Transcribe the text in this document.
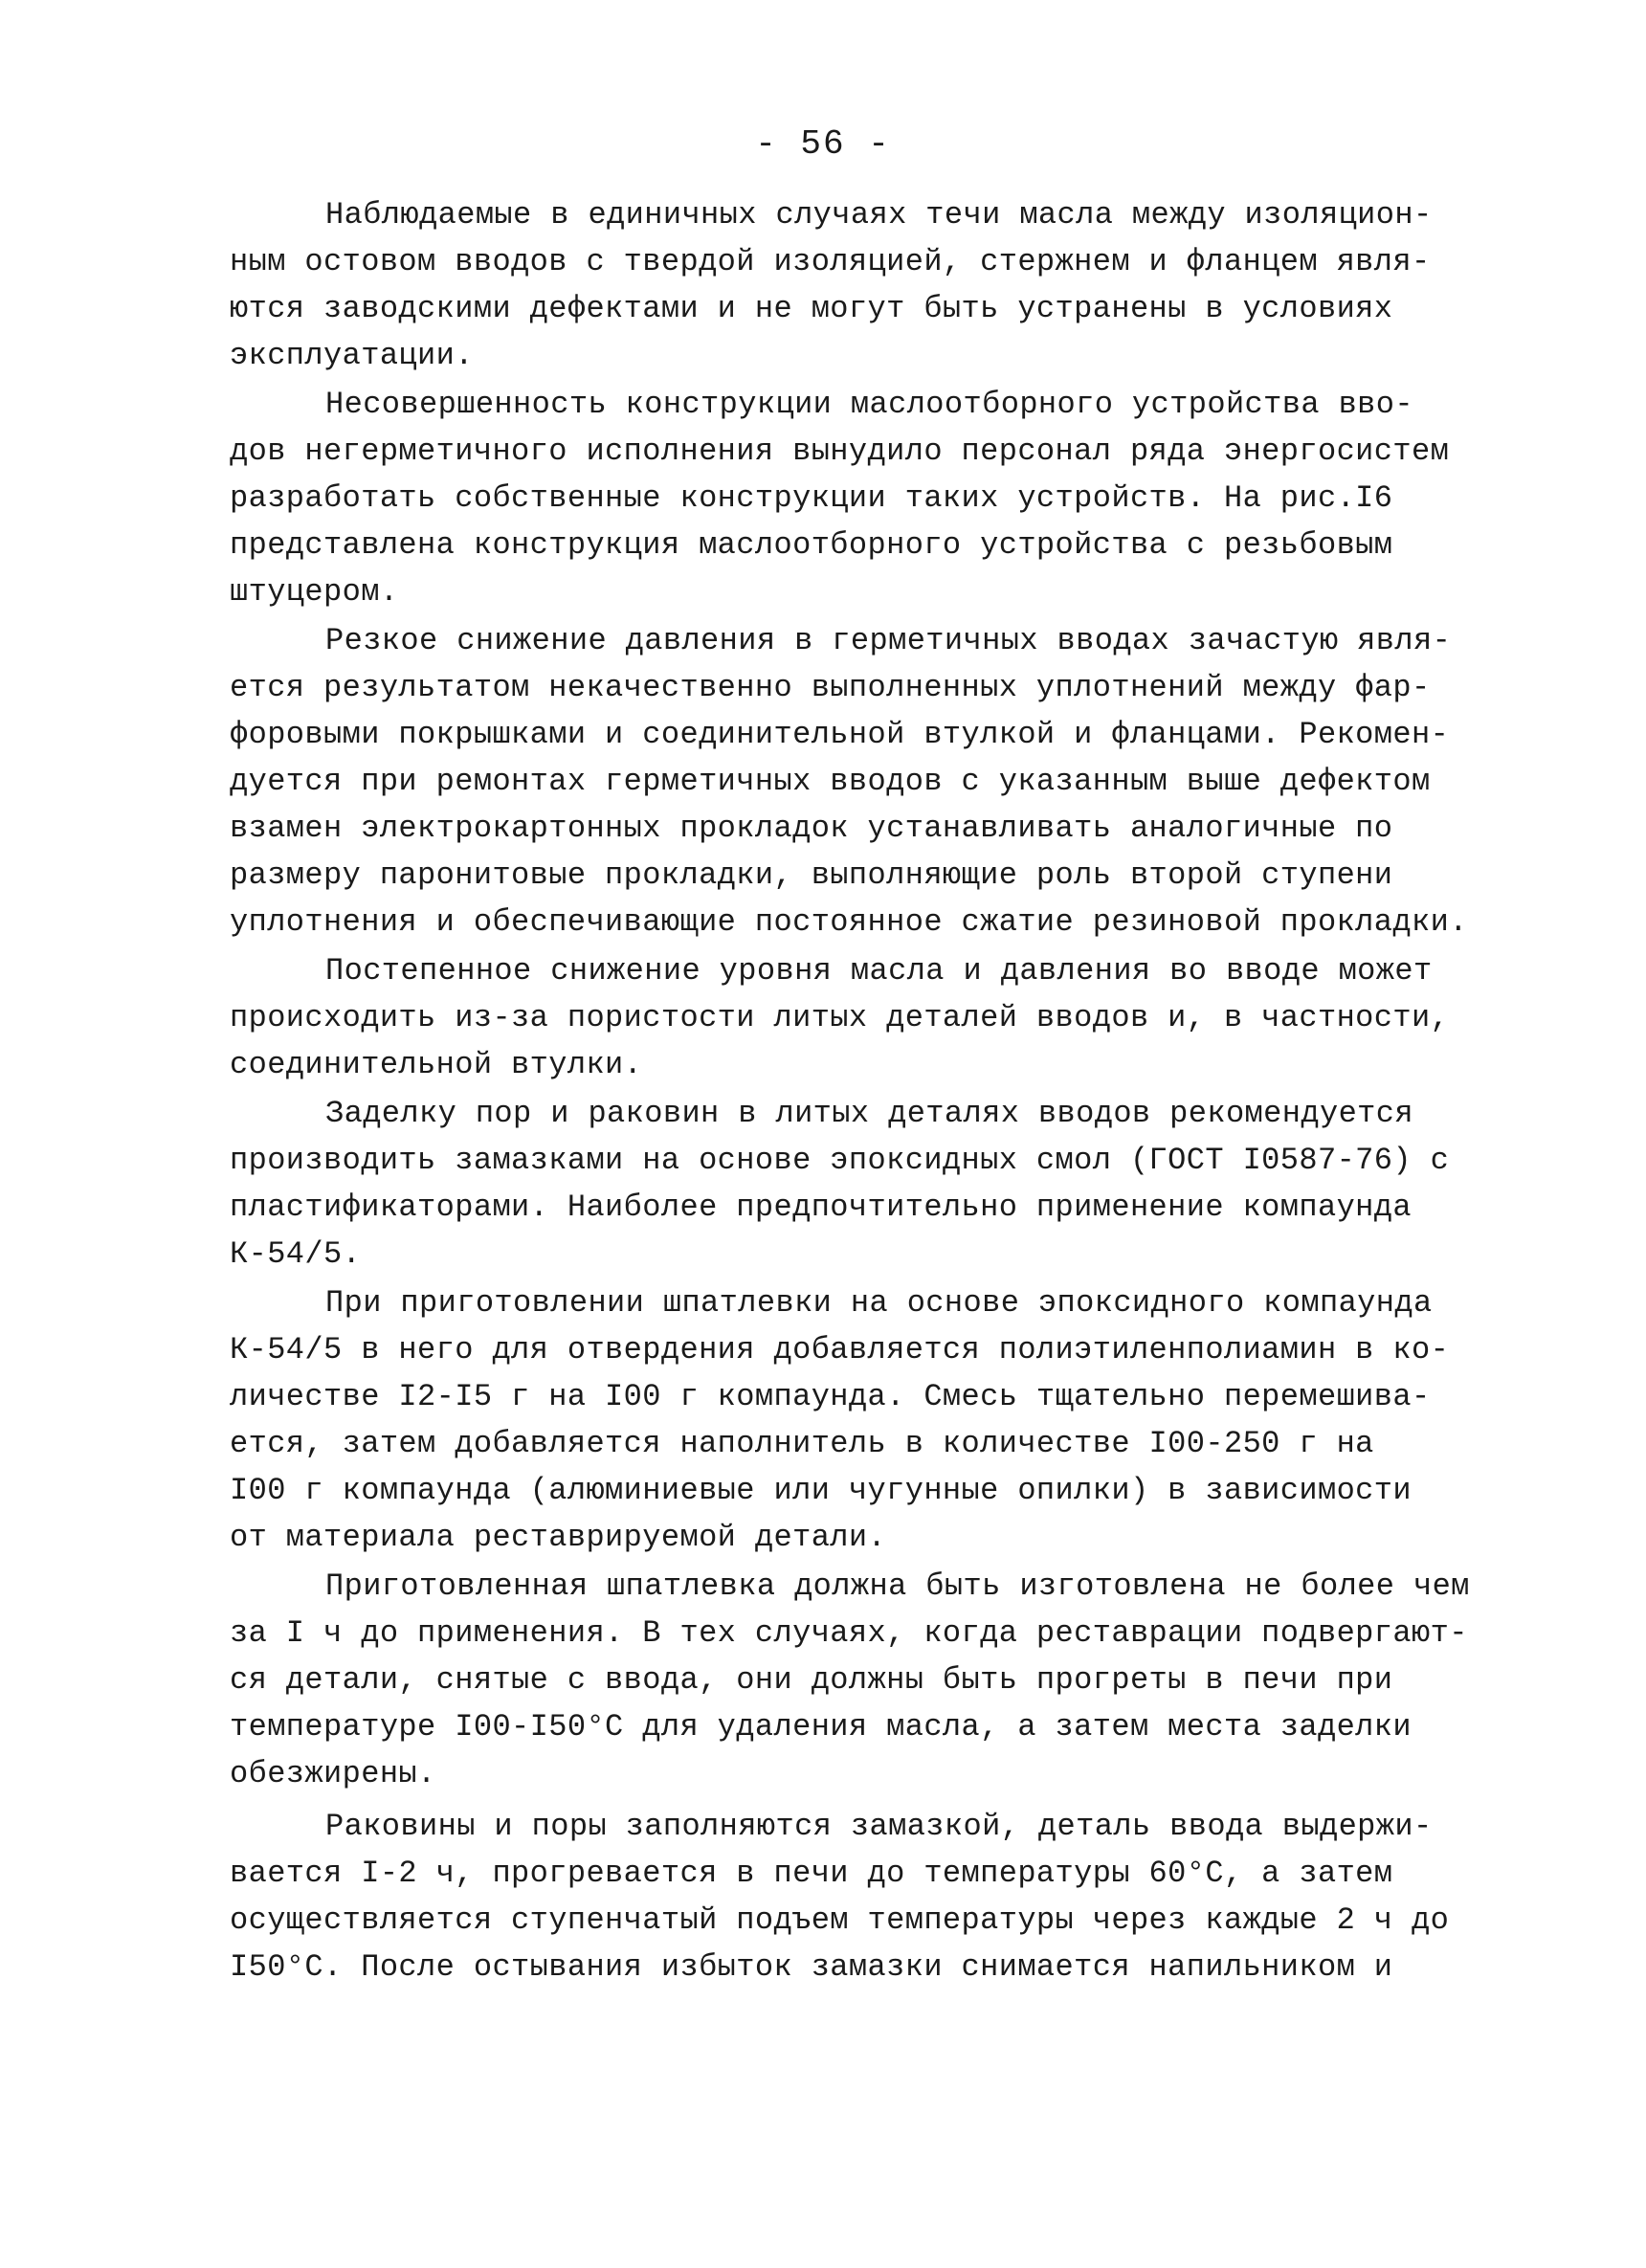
- 56 -
Наблюдаемые в единичных случаях течи масла между изоляцион-
ным остовом вводов с твердой изоляцией, стержнем и фланцем явля-
ются заводскими дефектами и не могут быть устранены в условиях
эксплуатации.
Несовершенность конструкции маслоотборного устройства вво-
дов негерметичного исполнения вынудило персонал ряда энергосистем
разработать собственные конструкции таких устройств. На рис.I6
представлена конструкция маслоотборного устройства с резьбовым
штуцером.
Резкое снижение давления в герметичных вводах зачастую явля-
ется результатом некачественно выполненных уплотнений между фар-
форовыми покрышками и соединительной втулкой и фланцами. Рекомен-
дуется при ремонтах герметичных вводов с указанным выше дефектом
взамен электрокартонных прокладок устанавливать аналогичные по
размеру паронитовые прокладки, выполняющие роль второй ступени
уплотнения и обеспечивающие постоянное сжатие резиновой прокладки.
Постепенное снижение уровня масла и давления во вводе может
происходить из-за пористости литых деталей вводов и, в частности,
соединительной втулки.
Заделку пор и раковин в литых деталях вводов рекомендуется
производить замазками на основе эпоксидных смол (ГОСТ I0587-76) с
пластификаторами. Наиболее предпочтительно применение компаунда
К-54/5.
При приготовлении шпатлевки на основе эпоксидного компаунда
К-54/5 в него для отвердения добавляется полиэтиленполиамин в ко-
личестве I2-I5 г на I00 г компаунда. Смесь тщательно перемешива-
ется, затем добавляется наполнитель в количестве I00-250 г на
I00 г компаунда (алюминиевые или чугунные опилки) в зависимости
от материала реставрируемой детали.
Приготовленная шпатлевка должна быть изготовлена не более чем
за I ч до применения. В тех случаях, когда реставрации подвергают-
ся детали, снятые с ввода, они должны быть прогреты в печи при
температуре I00-I50°С для удаления масла, а затем места заделки
обезжирены.
Раковины и поры заполняются замазкой, деталь ввода выдержи-
вается I-2 ч, прогревается в печи до температуры 60°С, а затем
осуществляется ступенчатый подъем температуры через каждые 2 ч до
I50°С. После остывания избыток замазки снимается напильником и
